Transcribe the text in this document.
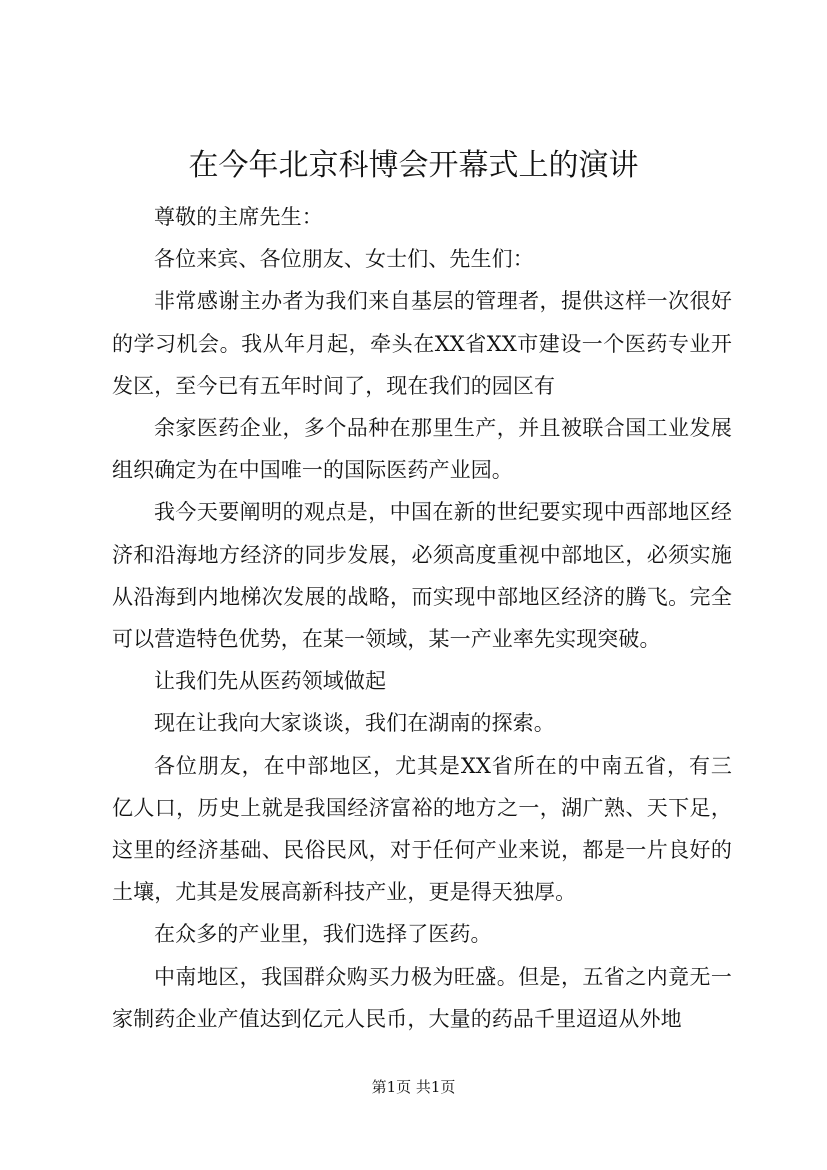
在今年北京科博会开幕式上的演讲

尊敬的主席先生：

各位来宾、各位朋友、女士们、先生们：

非常感谢主办者为我们来自基层的管理者，提供这样一次很好的学习机会。我从年月起，牵头在XX省XX市建设一个医药专业开发区，至今已有五年时间了，现在我们的园区有

余家医药企业，多个品种在那里生产，并且被联合国工业发展组织确定为在中国唯一的国际医药产业园。

我今天要阐明的观点是，中国在新的世纪要实现中西部地区经济和沿海地方经济的同步发展，必须高度重视中部地区，必须实施从沿海到内地梯次发展的战略，而实现中部地区经济的腾飞。完全可以营造特色优势，在某一领域，某一产业率先实现突破。

让我们先从医药领域做起

现在让我向大家谈谈，我们在湖南的探索。

各位朋友，在中部地区，尤其是XX省所在的中南五省，有三亿人口，历史上就是我国经济富裕的地方之一，湖广熟、天下足，这里的经济基础、民俗民风，对于任何产业来说，都是一片良好的土壤，尤其是发展高新科技产业，更是得天独厚。

在众多的产业里，我们选择了医药。

中南地区，我国群众购买力极为旺盛。但是，五省之内竟无一家制药企业产值达到亿元人民币，大量的药品千里迢迢从外地

第1页 共1页
